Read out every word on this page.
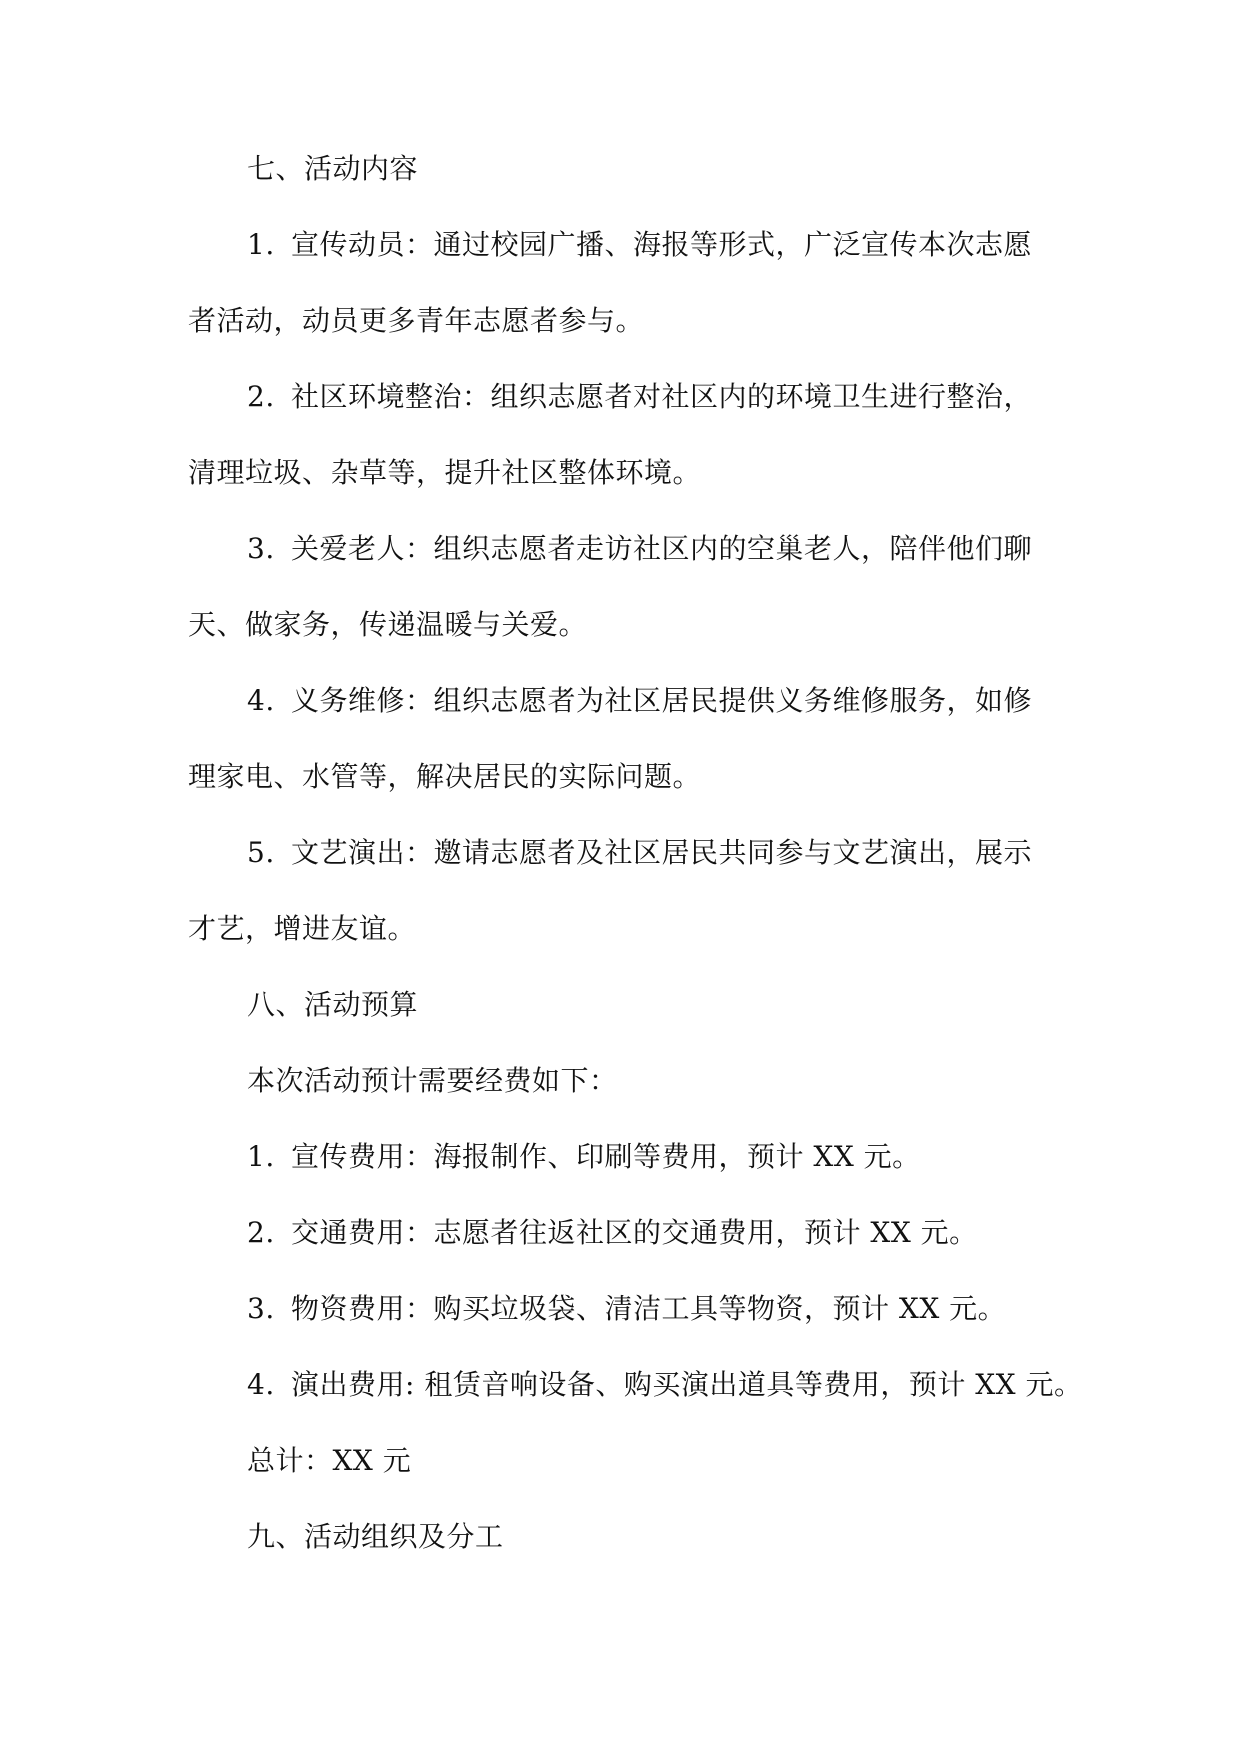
七、活动内容

1. 宣传动员：通过校园广播、海报等形式，广泛宣传本次志愿

者活动，动员更多青年志愿者参与。

2. 社区环境整治：组织志愿者对社区内的环境卫生进行整治，

清理垃圾、杂草等，提升社区整体环境。

3. 关爱老人：组织志愿者走访社区内的空巢老人，陪伴他们聊

天、做家务，传递温暖与关爱。

4. 义务维修：组织志愿者为社区居民提供义务维修服务，如修

理家电、水管等，解决居民的实际问题。

5. 文艺演出：邀请志愿者及社区居民共同参与文艺演出，展示

才艺，增进友谊。

八、活动预算

本次活动预计需要经费如下：

1. 宣传费用：海报制作、印刷等费用，预计 XX 元。

2. 交通费用：志愿者往返社区的交通费用，预计 XX 元。

3. 物资费用：购买垃圾袋、清洁工具等物资，预计 XX 元。

4. 演出费用: 租赁音响设备、购买演出道具等费用，预计 XX 元。

总计：XX 元

九、活动组织及分工
